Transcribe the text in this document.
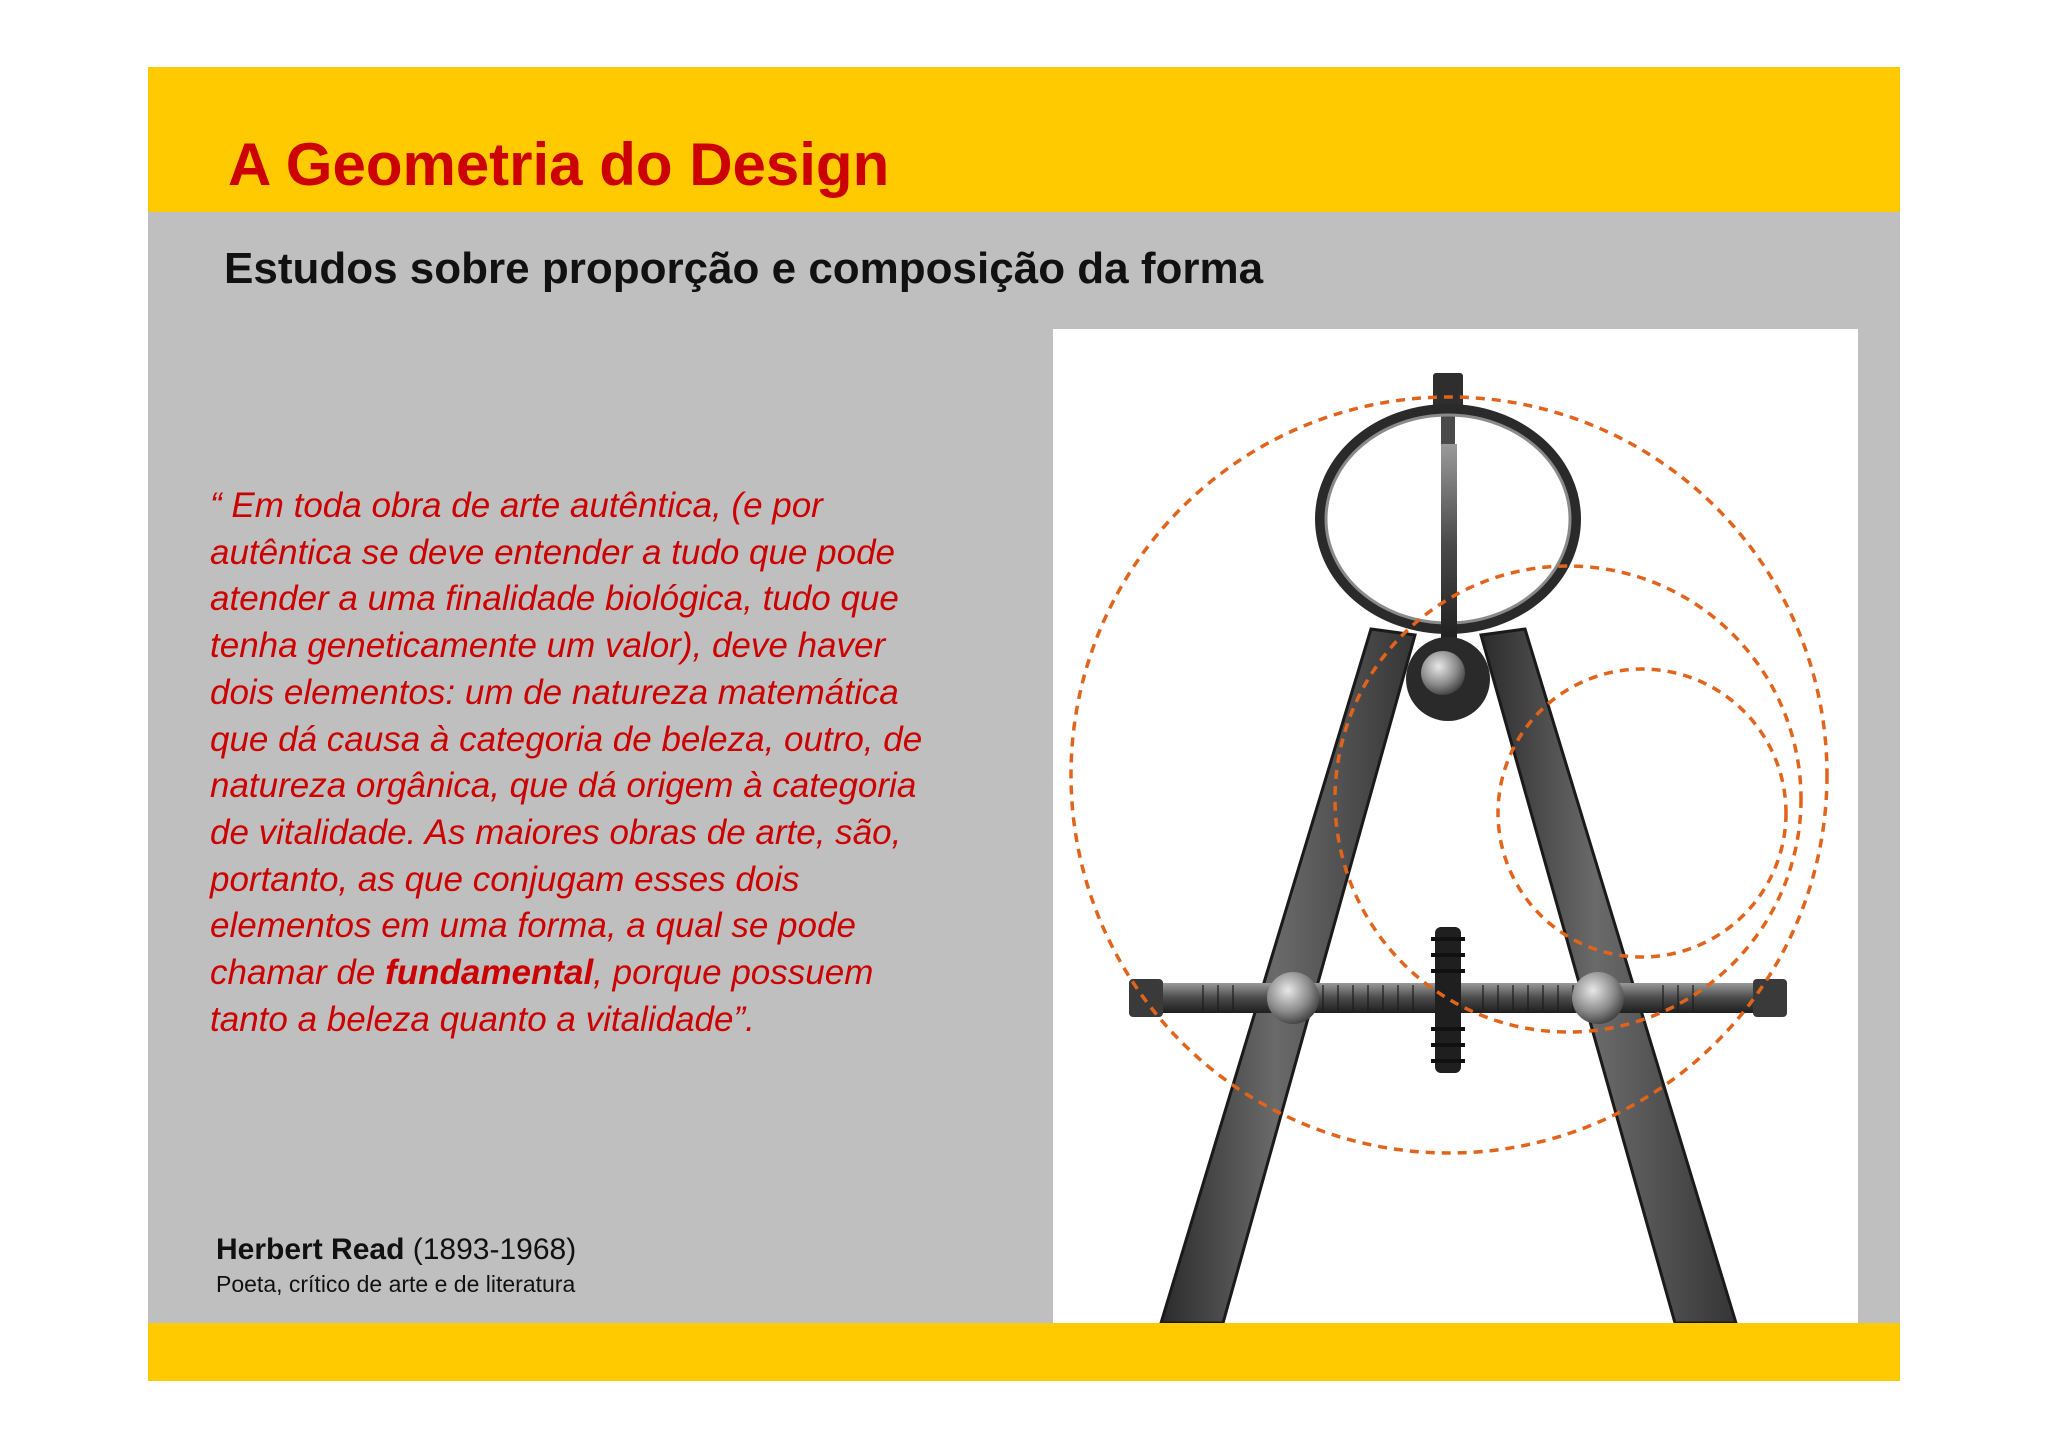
A Geometria do Design
Estudos sobre proporção e composição da forma
“ Em toda obra de arte autêntica, (e por
autêntica se deve entender a tudo que pode
atender a uma finalidade biológica, tudo que
tenha geneticamente um valor), deve haver
dois elementos: um de natureza matemática
que dá causa à categoria de beleza, outro, de
natureza orgânica, que dá origem à categoria
de vitalidade. As maiores obras de arte, são,
portanto, as que conjugam esses dois
elementos em uma forma, a qual se pode
chamar de fundamental, porque possuem
tanto a beleza quanto a vitalidade”.
Herbert Read (1893-1968)
Poeta, crítico de arte e de literatura
